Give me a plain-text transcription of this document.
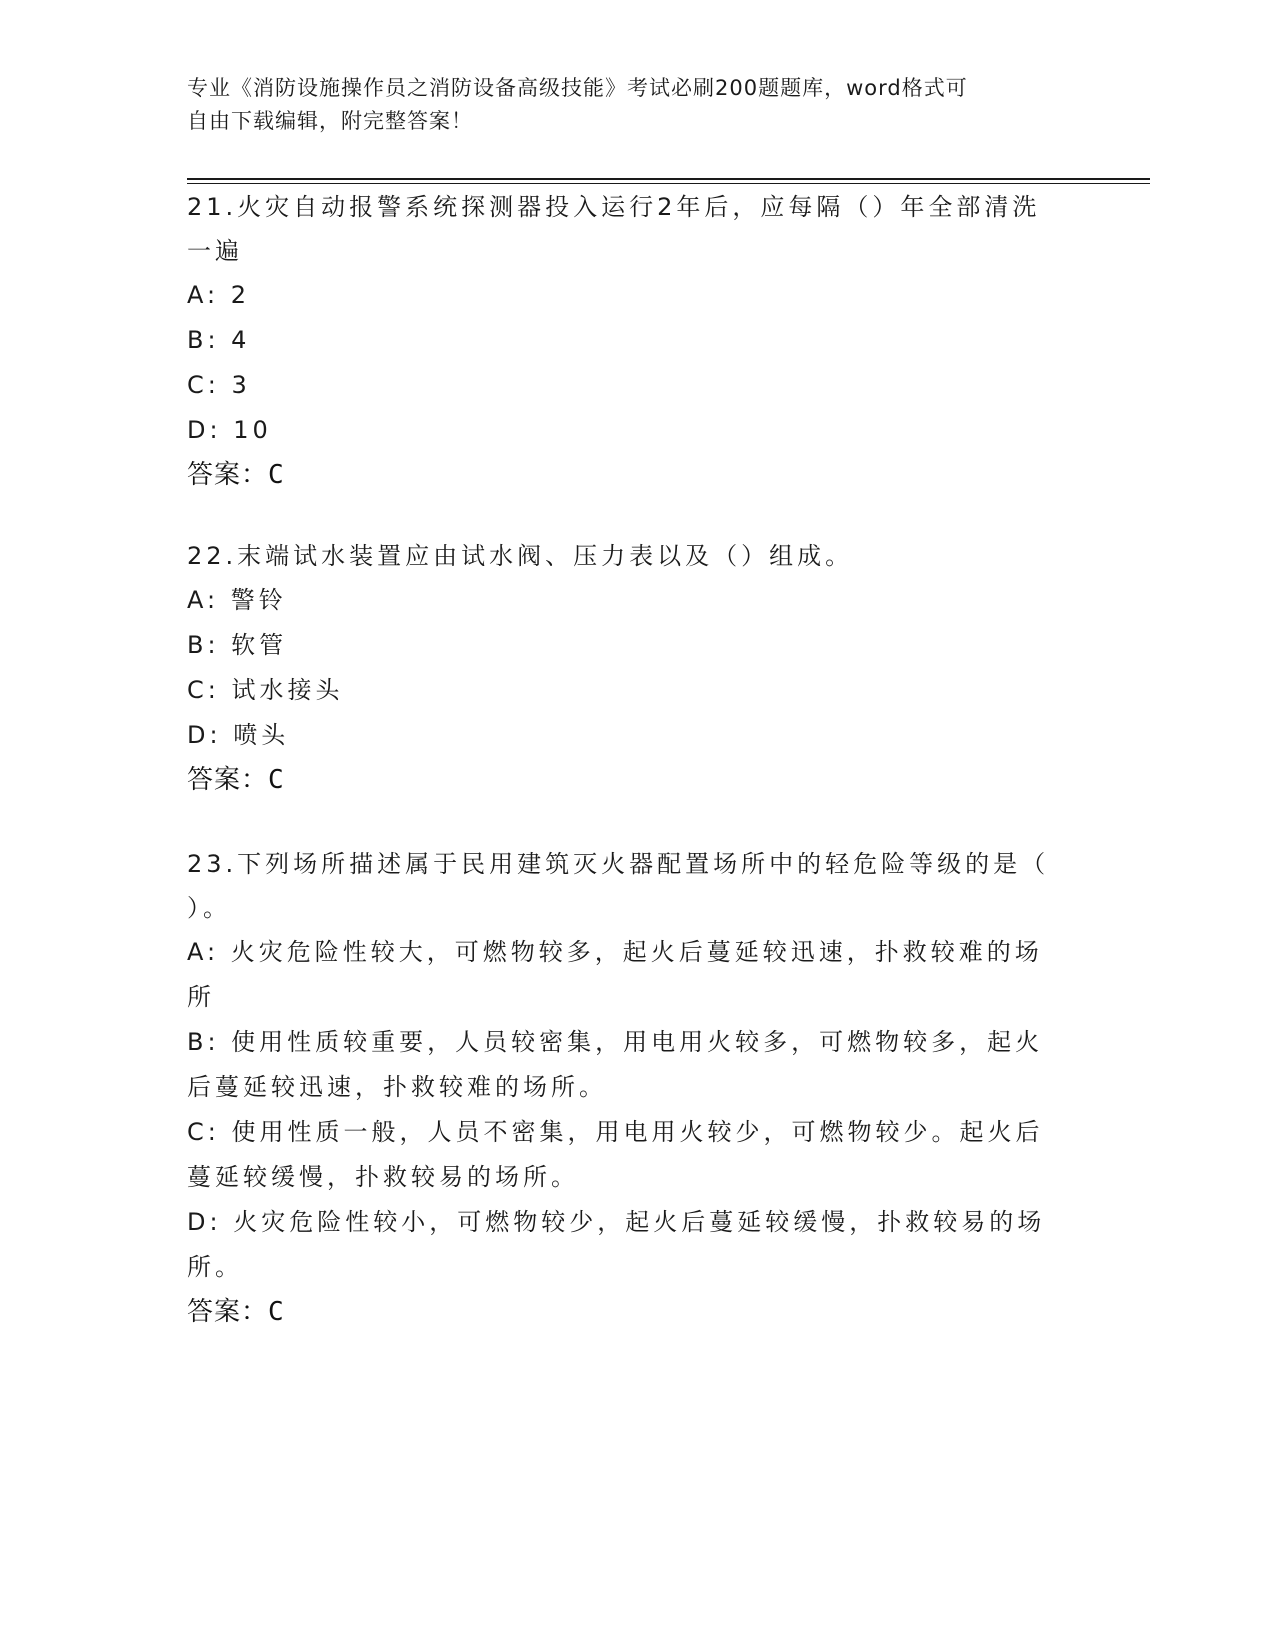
专业《消防设施操作员之消防设备高级技能》考试必刷200题题库，word格式可
自由下载编辑，附完整答案！

21.火灾自动报警系统探测器投入运行2年后，应每隔（）年全部清洗

一遍

A: 2

B: 4

C: 3

D: 10

答案：C

22.末端试水装置应由试水阀、压力表以及（）组成。

A: 警铃

B: 软管

C: 试水接头

D: 喷头

答案：C

23.下列场所描述属于民用建筑灭火器配置场所中的轻危险等级的是（

）。

A: 火灾危险性较大，可燃物较多，起火后蔓延较迅速，扑救较难的场

所

B: 使用性质较重要，人员较密集，用电用火较多，可燃物较多，起火

后蔓延较迅速，扑救较难的场所。

C: 使用性质一般，人员不密集，用电用火较少，可燃物较少。起火后

蔓延较缓慢，扑救较易的场所。

D: 火灾危险性较小，可燃物较少，起火后蔓延较缓慢，扑救较易的场

所。

答案：C
